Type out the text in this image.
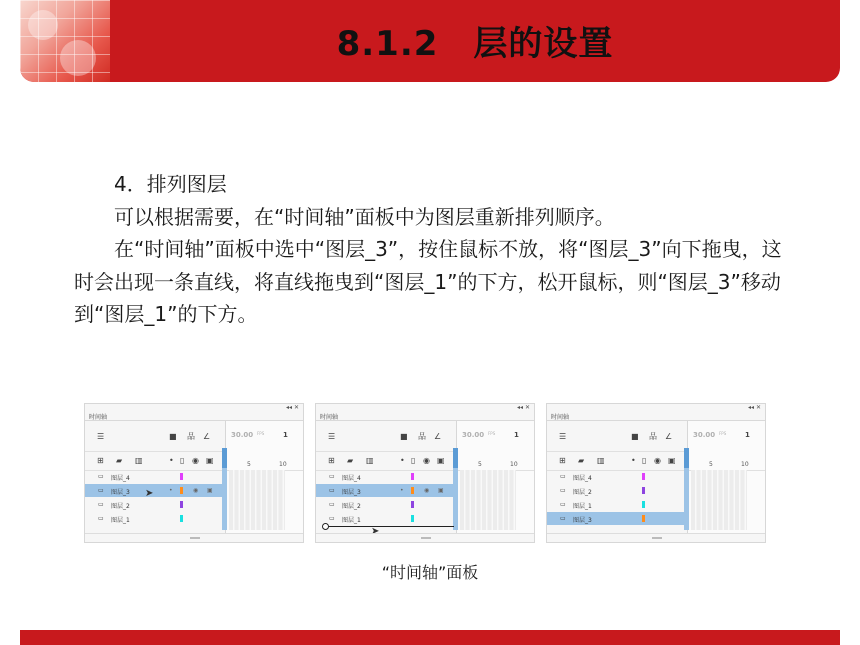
8.1.2　层的设置

4．排列图层

可以根据需要，在“时间轴”面板中为图层重新排列顺序。

在“时间轴”面板中选中“图层_3”，按住鼠标不放，将“图层_3”向下拖曳，这时会出现一条直线，将直线拖曳到“图层_1”的下方，松开鼠标，则“图层_3”移动到“图层_1”的下方。

◂◂ ✕
时间轴
☰	■ 品 ∠	30.00 FPS	1
⊞ ▰ ▥	• ▯ ◉ ▣	5	10
▭ 图层_4
▭ 图层_3	•	◉ ▣
▭ 图层_2
▭ 图层_1
➤
◂◂ ✕
时间轴
☰	■ 品 ∠	30.00 FPS	1
⊞ ▰ ▥	• ▯ ◉ ▣	5	10
▭ 图层_4
▭ 图层_3	•	◉ ▣
▭ 图层_2
▭ 图层_1
➤
◂◂ ✕
时间轴
☰	■ 品 ∠	30.00 FPS	1
⊞ ▰ ▥	• ▯ ◉ ▣	5	10
▭ 图层_4
▭ 图层_2
▭ 图层_1
▭ 图层_3
“时间轴”面板
